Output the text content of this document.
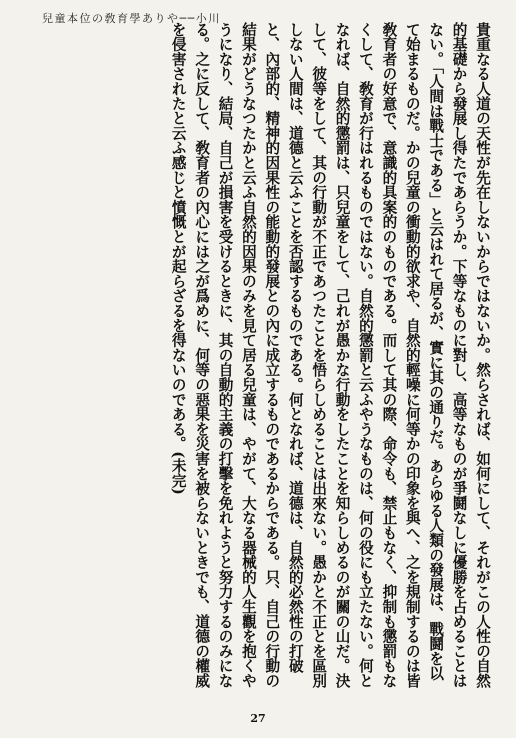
兒童本位の敎育學ありや──小川

貴重なる人道の天性が先在しないからではないか。然らされば、如何にして、それがこの人性の自然的基礎から發展し得たであらうか。下等なものに對し、高等なものが爭鬪なしに優勝を占めることはない。「人間は戰士である」と云はれて居るが、實に其の通りだ。あらゆる人類の發展は、戰鬪を以て始まるものだ。かの兒童の衝動的欲求や、自然的輕噪に何等かの印象を與へ、之を規制するのは皆敎育者の好意で、意識的具案的のものである。而して其の際、命令も、禁止もなく、抑制も懲罰もなくして、敎育が行はれるものではない。自然的懲罰と云ふやうなものは、何の役にも立たない。何となれば、自然的懲罰は、只兒童をして、己れが愚かな行動をしたことを知らしめるのが關の山だ。決して、彼等をして、其の行動が不正であつたことを悟らしめることは出來ない。愚かと不正とを區別しない人間は、道德と云ふことを否認するものである。何となれば、道德は、自然的必然性の打破と、內部的、精神的因果性の能動的發展との內に成立するものであるからである。只、自己の行動の結果がどうなつたかと云ふ自然的因果のみを見て居る兒童は、やがて、大なる器械的人生觀を抱くやうになり、結局、自己が損害を受けるときに、其の自動的主義の打擊を免れようと努力するのみになる。之に反して、敎育者の內心には之が爲めに、何等の惡果を災害を被らないときでも、道德の權威を侵害されたと云ふ感じと憤慨とが起らざるを得ないのである。(未完)

27
